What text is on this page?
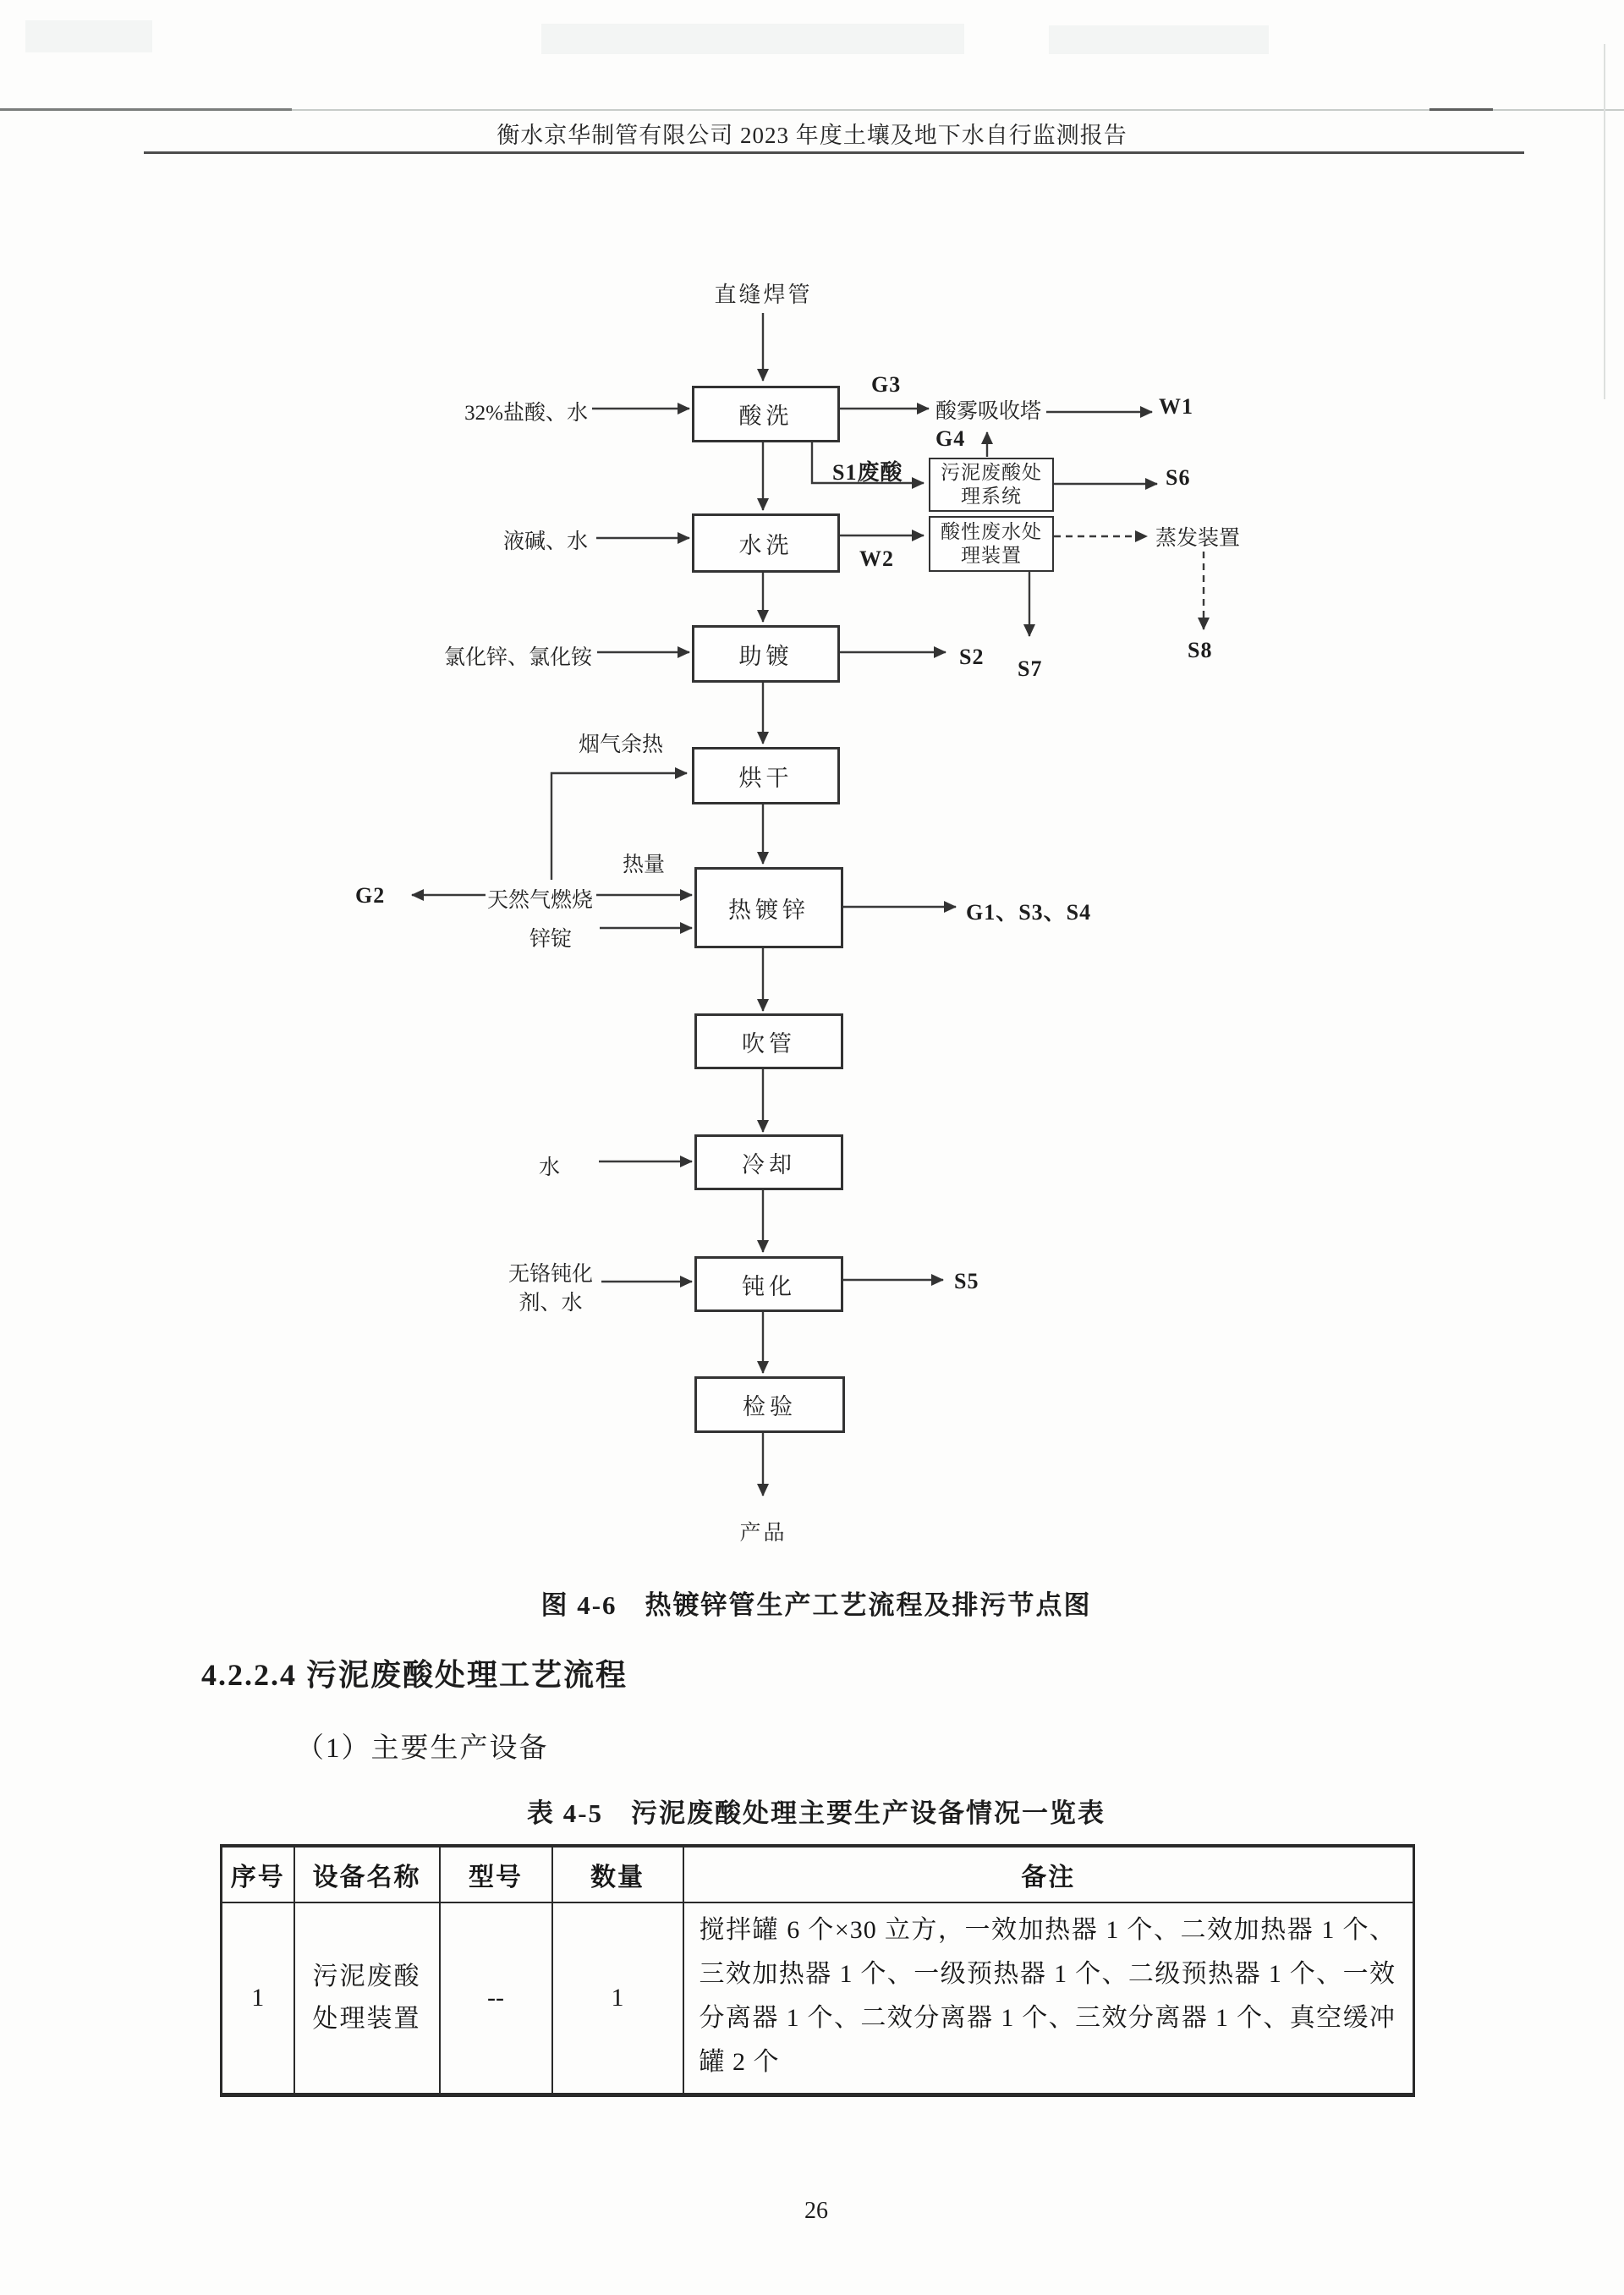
衡水京华制管有限公司 2023 年度土壤及地下水自行监测报告
酸洗
水洗
助镀
烘干
热镀锌
吹管
冷却
钝化
检验
污泥废酸处
理系统
酸性废水处
理装置
直缝焊管
32%盐酸、水
液碱、水
氯化锌、氯化铵
烟气余热
热量
天然气燃烧
锌锭
水
无铬钝化
剂、水
酸雾吸收塔
蒸发装置
产品
G3
W1
G4
S1废酸	S6
W2
S2 S7
S8
G2
G1、S3、S4
S5
图 4-6　热镀锌管生产工艺流程及排污节点图
4.2.2.4 污泥废酸处理工艺流程
（1）主要生产设备
表 4-5　污泥废酸处理主要生产设备情况一览表
序号	设备名称	型号	数量	备注
1	污泥废酸
处理装置	--	1	搅拌罐 6 个×30 立方，一效加热器 1 个、二效加热器 1 个、三效加热器 1 个、一级预热器 1 个、二级预热器 1 个、一效分离器 1 个、二效分离器 1 个、三效分离器 1 个、真空缓冲罐 2 个
26
